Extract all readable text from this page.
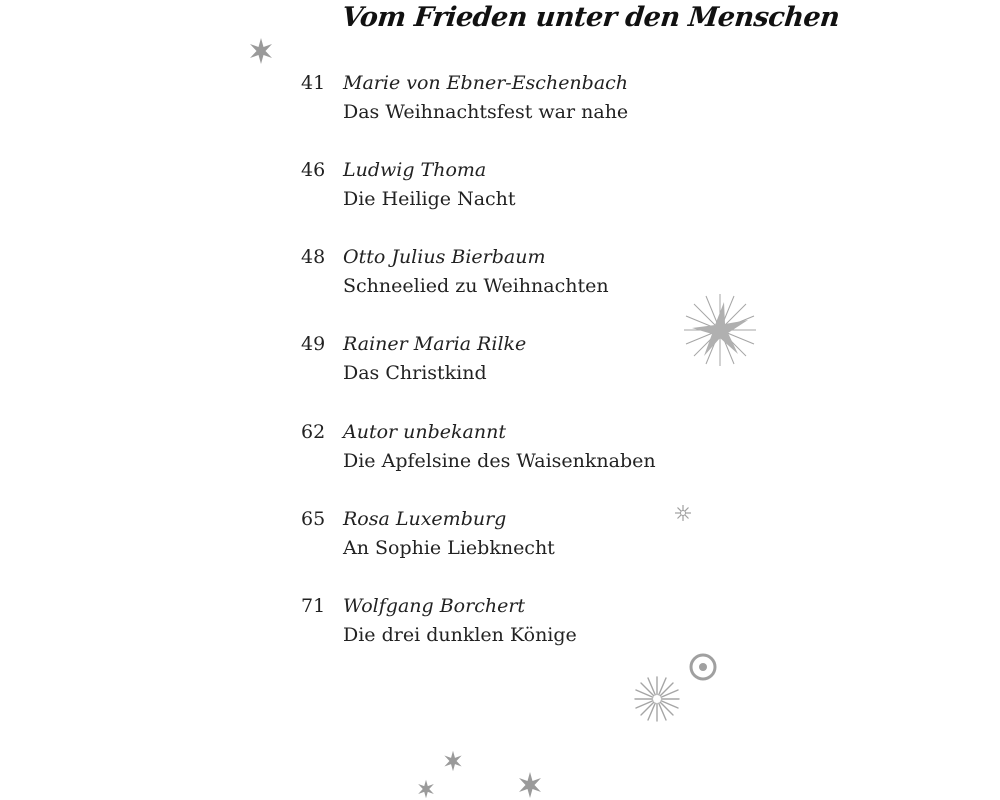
Vom Frieden unter den Menschen
41 Marie von Ebner-Eschenbach
Das Weihnachtsfest war nahe
46 Ludwig Thoma
Die Heilige Nacht
48 Otto Julius Bierbaum
Schneelied zu Weihnachten
49 Rainer Maria Rilke
Das Christkind
62 Autor unbekannt
Die Apfelsine des Waisenknaben
65 Rosa Luxemburg
An Sophie Liebknecht
71 Wolfgang Borchert
Die drei dunklen Könige
